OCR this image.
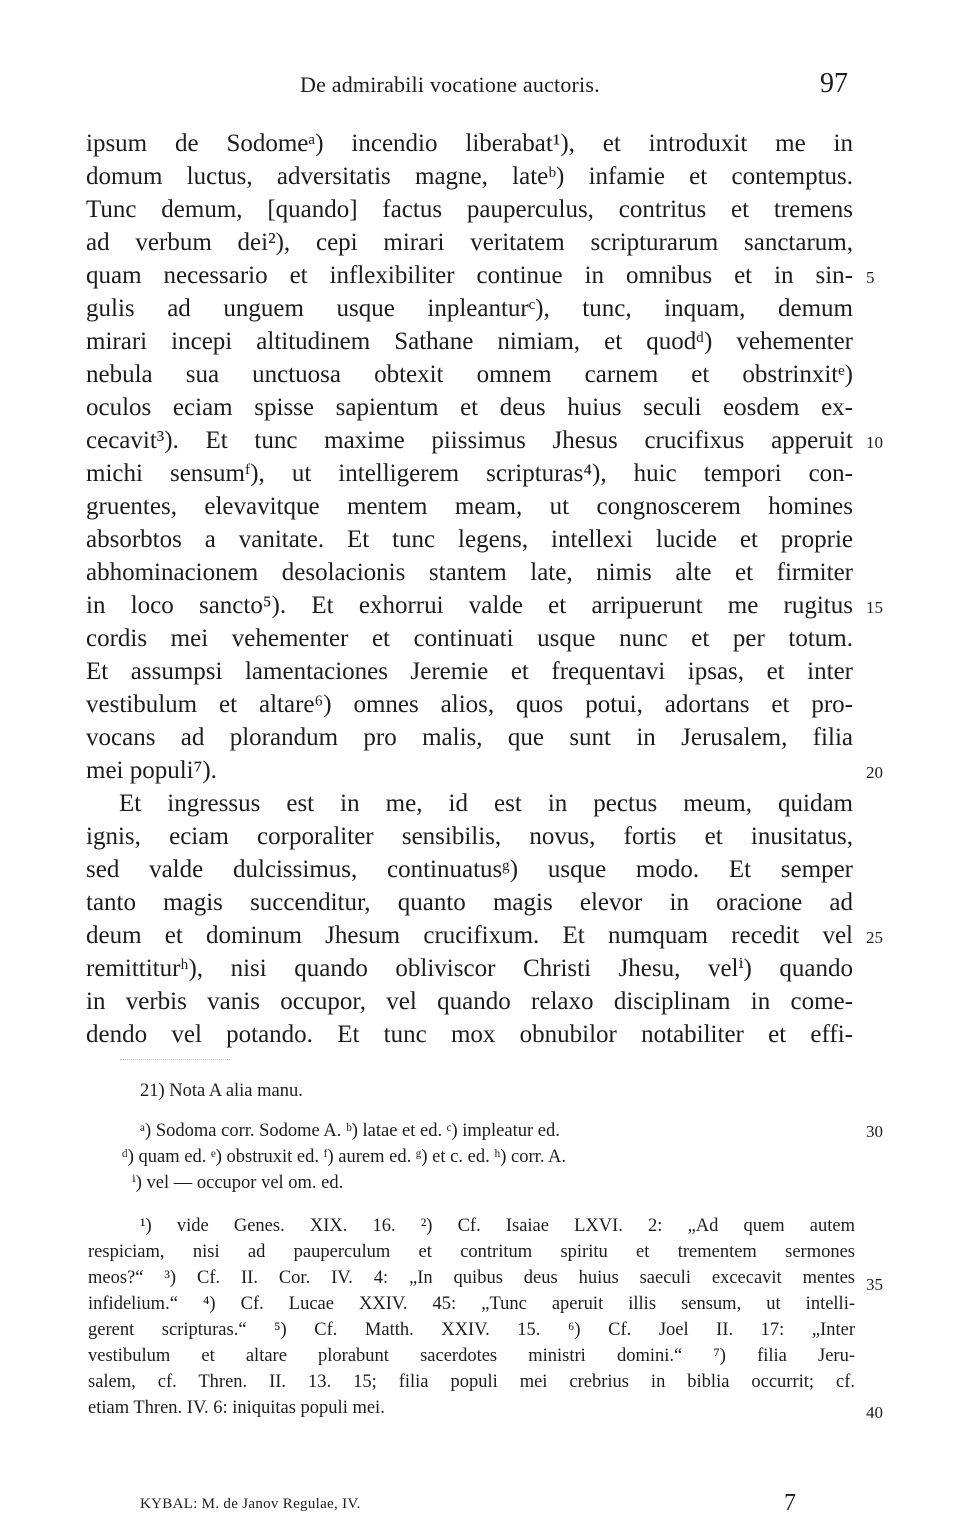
De admirabili vocatione auctoris.	97
ipsum de Sodomeᵃ) incendio liberabat¹), et introduxit me in
domum luctus, adversitatis magne, lateᵇ) infamie et contemptus.
Tunc demum, [quando] factus pauperculus, contritus et tremens
ad verbum dei²), cepi mirari veritatem scripturarum sanctarum,
quam necessario et inflexibiliter continue in omnibus et in sin-
gulis ad unguem usque inpleanturᶜ), tunc, inquam, demum
mirari incepi altitudinem Sathane nimiam, et quodᵈ) vehementer
nebula sua unctuosa obtexit omnem carnem et obstrinxitᵉ)
oculos eciam spisse sapientum et deus huius seculi eosdem ex-
cecavit³). Et tunc maxime piissimus Jhesus crucifixus apperuit
michi sensumᶠ), ut intelligerem scripturas⁴), huic tempori con-
gruentes, elevavitque mentem meam, ut congnoscerem homines
absorbtos a vanitate. Et tunc legens, intellexi lucide et proprie
abhominacionem desolacionis stantem late, nimis alte et firmiter
in loco sancto⁵). Et exhorrui valde et arripuerunt me rugitus
cordis mei vehementer et continuati usque nunc et per totum.
Et assumpsi lamentaciones Jeremie et frequentavi ipsas, et inter
vestibulum et altare⁶) omnes alios, quos potui, adortans et pro-
vocans ad plorandum pro malis, que sunt in Jerusalem, filia
mei populi⁷).
Et ingressus est in me, id est in pectus meum, quidam
ignis, eciam corporaliter sensibilis, novus, fortis et inusitatus,
sed valde dulcissimus, continuatusᵍ) usque modo. Et semper
tanto magis succenditur, quanto magis elevor in oracione ad
deum et dominum Jhesum crucifixum. Et numquam recedit vel
remittiturʰ), nisi quando obliviscor Christi Jhesu, velⁱ) quando
in verbis vanis occupor, vel quando relaxo disciplinam in come-
dendo vel potando. Et tunc mox obnubilor notabiliter et effi-
5
10
15
20
25
21) Nota A alia manu.
ᵃ) Sodoma corr. Sodome A. ᵇ) latae et ed. ᶜ) impleatur ed.
ᵈ) quam ed. ᵉ) obstruxit ed. ᶠ) aurem ed. ᵍ) et c. ed. ʰ) corr. A.
ⁱ) vel — occupor vel om. ed.
30
¹) vide Genes. XIX. 16. ²) Cf. Isaiae LXVI. 2: „Ad quem autem
respiciam, nisi ad pauperculum et contritum spiritu et trementem sermones
meos?“ ³) Cf. II. Cor. IV. 4: „In quibus deus huius saeculi excecavit mentes
infidelium.“ ⁴) Cf. Lucae XXIV. 45: „Tunc aperuit illis sensum, ut intelli-
gerent scripturas.“ ⁵) Cf. Matth. XXIV. 15. ⁶) Cf. Joel II. 17: „Inter
vestibulum et altare plorabunt sacerdotes ministri domini.“ ⁷) filia Jeru-
salem, cf. Thren. II. 13. 15; filia populi mei crebrius in biblia occurrit; cf.
etiam Thren. IV. 6: iniquitas populi mei.
35
40
KYBAL: M. de Janov Regulae, IV.	7
